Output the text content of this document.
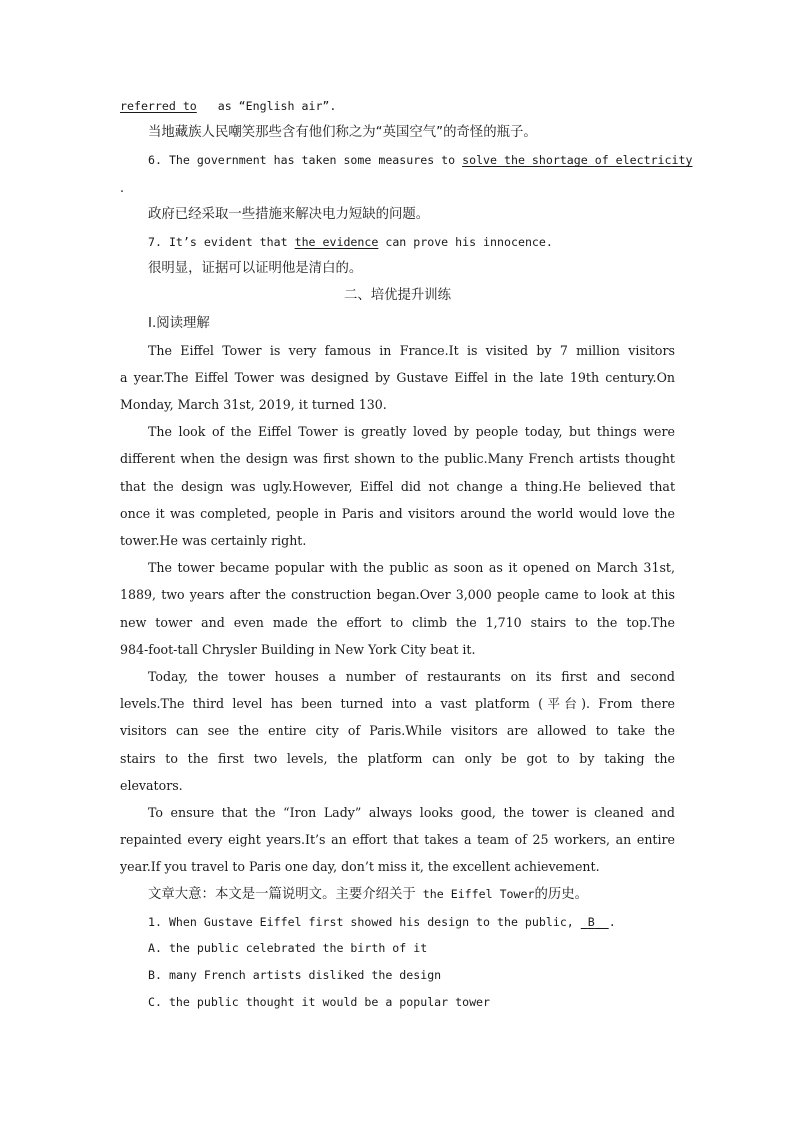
referred to   as “English air”.
当地藏族人民嘲笑那些含有他们称之为“英国空气”的奇怪的瓶子。
6. The government has taken some measures to solve the shortage of electricity
.
政府已经采取一些措施来解决电力短缺的问题。
7. It’s evident that the evidence can prove his innocence.
很明显，证据可以证明他是清白的。
二、培优提升训练
Ⅰ.阅读理解
The Eiffel Tower is very famous in France.It is visited by 7 million visitors
a year.The Eiffel Tower was designed by Gustave Eiffel in the late 19th century.On
Monday, March 31st, 2019, it turned 130.
The look of the Eiffel Tower is greatly loved by people today, but things were
different when the design was first shown to the public.Many French artists thought
that the design was ugly.However, Eiffel did not change a thing.He believed that
once it was completed, people in Paris and visitors around the world would love the
tower.He was certainly right.
The tower became popular with the public as soon as it opened on March 31st,
1889, two years after the construction began.Over 3,000 people came to look at this
new tower and even made the effort to climb the 1,710 stairs to the top.The
984-foot-tall Chrysler Building in New York City beat it.
Today, the tower houses a number of restaurants on its first and second
levels.The third level has been turned into a vast platform (平台). From there
visitors can see the entire city of Paris.While visitors are allowed to take the
stairs to the first two levels, the platform can only be got to by taking the
elevators.
To ensure that the “Iron Lady” always looks good, the tower is cleaned and
repainted every eight years.It’s an effort that takes a team of 25 workers, an entire
year.If you travel to Paris one day, don’t miss it, the excellent achievement.
文章大意：本文是一篇说明文。主要介绍关于 the Eiffel Tower的历史。
1. When Gustave Eiffel first showed his design to the public,  B .
A. the public celebrated the birth of it
B. many French artists disliked the design
C. the public thought it would be a popular tower
